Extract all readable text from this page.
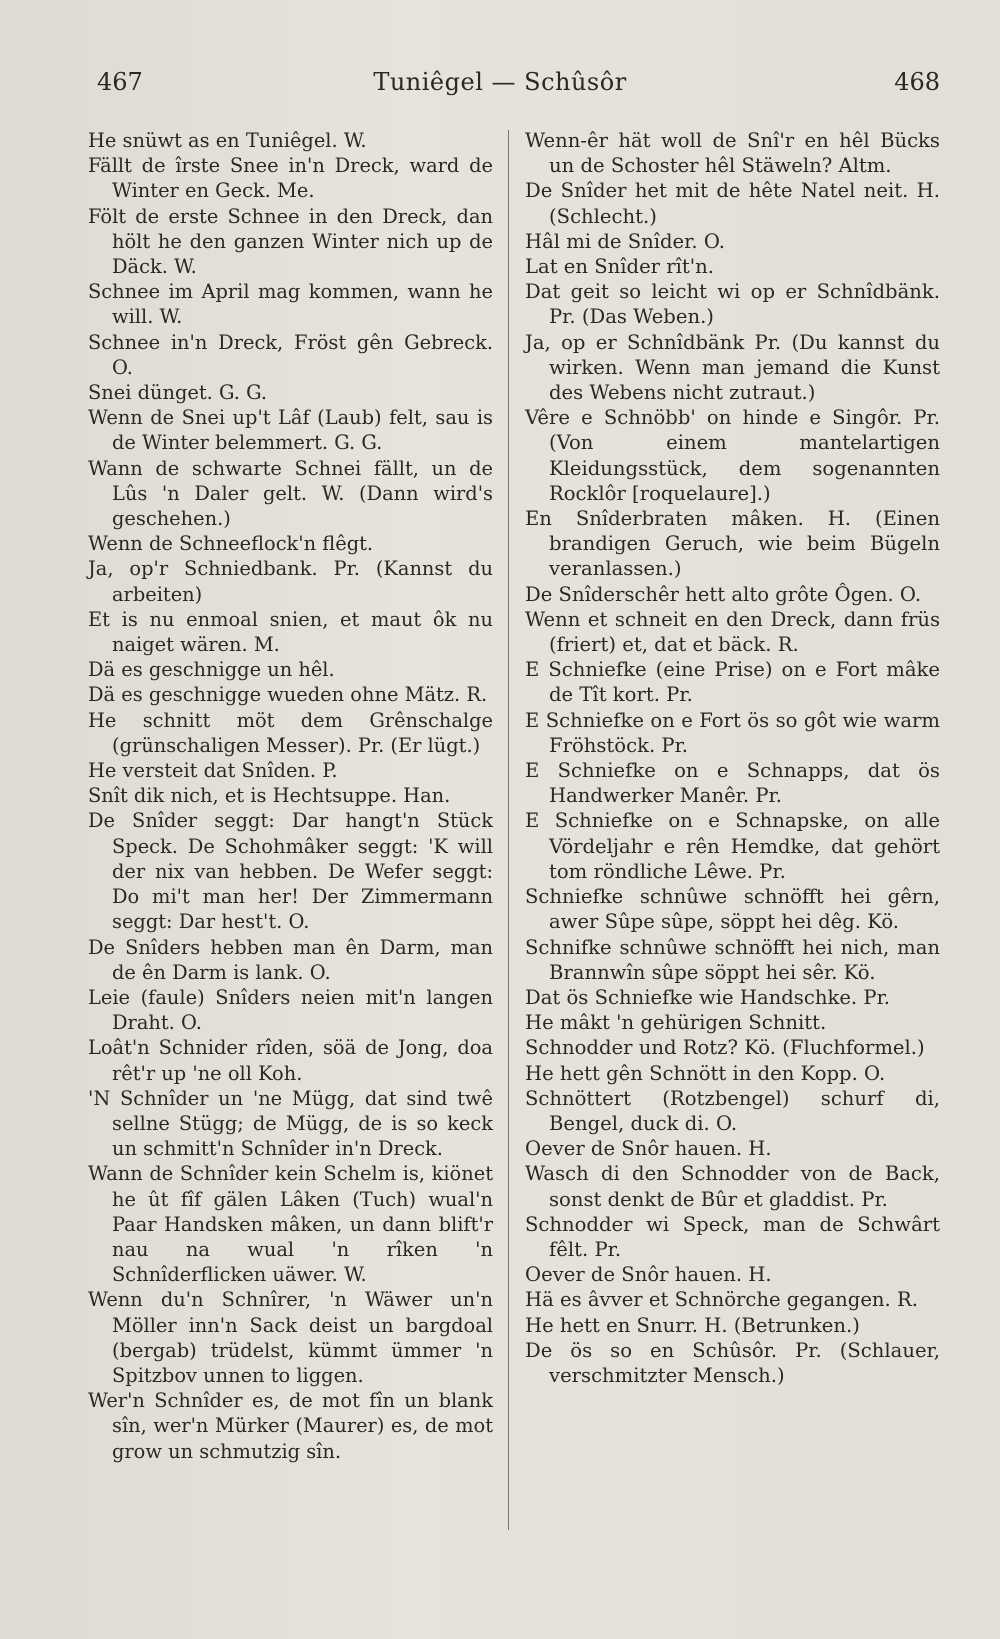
467	Tuniêgel — Schûsôr	468

He snüwt as en Tuniêgel. W.

Fällt de îrste Snee in'n Dreck, ward de Winter en Geck. Me.

Fölt de erste Schnee in den Dreck, dan hölt he den ganzen Winter nich up de Däck. W.

Schnee im April mag kommen, wann he will. W.

Schnee in'n Dreck, Fröst gên Gebreck. O.

Snei dünget. G. G.

Wenn de Snei up't Lâf (Laub) felt, sau is de Winter belemmert. G. G.

Wann de schwarte Schnei fällt, un de Lûs 'n Daler gelt. W. (Dann wird's geschehen.)

Wenn de Schneeflock'n flêgt.

Ja, op'r Schniedbank. Pr. (Kannst du arbeiten)

Et is nu enmoal snien, et maut ôk nu naiget wären. M.

Dä es geschnigge un hêl.

Dä es geschnigge wueden ohne Mätz. R.

He schnitt möt dem Grênschalge (grünschaligen Messer). Pr. (Er lügt.)

He versteit dat Snîden. P.

Snît dik nich, et is Hechtsuppe. Han.

De Snîder seggt: Dar hangt'n Stück Speck. De Schohmâker seggt: 'K will der nix van hebben. De Wefer seggt: Do mi't man her! Der Zimmermann seggt: Dar hest't. O.

De Snîders hebben man ên Darm, man de ên Darm is lank. O.

Leie (faule) Snîders neien mit'n langen Draht. O.

Loât'n Schnider rîden, söä de Jong, doa rêt'r up 'ne oll Koh.

'N Schnîder un 'ne Mügg, dat sind twê sellne Stügg; de Mügg, de is so keck un schmitt'n Schnîder in'n Dreck.

Wann de Schnîder kein Schelm is, kiönet he ût fîf gälen Lâken (Tuch) wual'n Paar Handsken mâken, un dann blift'r nau na wual 'n rîken 'n Schnîderflicken uäwer. W.

Wenn du'n Schnîrer, 'n Wäwer un'n Möller inn'n Sack deist un bargdoal (bergab) trüdelst, kümmt ümmer 'n Spitzbov unnen to liggen.

Wer'n Schnîder es, de mot fîn un blank sîn, wer'n Mürker (Maurer) es, de mot grow un schmutzig sîn.

Wenn-êr hät woll de Snî'r en hêl Bücks un de Schoster hêl Stäweln? Altm.

De Snîder het mit de hête Natel neit. H. (Schlecht.)

Hâl mi de Snîder. O.

Lat en Snîder rît'n.

Dat geit so leicht wi op er Schnîdbänk. Pr. (Das Weben.)

Ja, op er Schnîdbänk Pr. (Du kannst du wirken. Wenn man jemand die Kunst des Webens nicht zutraut.)

Vêre e Schnöbb' on hinde e Singôr. Pr. (Von einem mantelartigen Kleidungsstück, dem sogenannten Rocklôr [roquelaure].)

En Snîderbraten mâken. H. (Einen brandigen Geruch, wie beim Bügeln veranlassen.)

De Snîderschêr hett alto grôte Ôgen. O.

Wenn et schneit en den Dreck, dann früs (friert) et, dat et bäck. R.

E Schniefke (eine Prise) on e Fort mâke de Tît kort. Pr.

E Schniefke on e Fort ös so gôt wie warm Fröhstöck. Pr.

E Schniefke on e Schnapps, dat ös Handwerker Manêr. Pr.

E Schniefke on e Schnapske, on alle Vördeljahr e rên Hemdke, dat gehört tom röndliche Lêwe. Pr.

Schniefke schnûwe schnöfft hei gêrn, awer Sûpe sûpe, söppt hei dêg. Kö.

Schnifke schnûwe schnöfft hei nich, man Brannwîn sûpe söppt hei sêr. Kö.

Dat ös Schniefke wie Handschke. Pr.

He mâkt 'n gehürigen Schnitt.

Schnodder und Rotz? Kö. (Fluchformel.)

He hett gên Schnött in den Kopp. O.

Schnöttert (Rotzbengel) schurf di, Bengel, duck di. O.

Oever de Snôr hauen. H.

Wasch di den Schnodder von de Back, sonst denkt de Bûr et gladdist. Pr.

Schnodder wi Speck, man de Schwârt fêlt. Pr.

Oever de Snôr hauen. H.

Hä es âvver et Schnörche gegangen. R.

He hett en Snurr. H. (Betrunken.)

De ös so en Schûsôr. Pr. (Schlauer, verschmitzter Mensch.)
